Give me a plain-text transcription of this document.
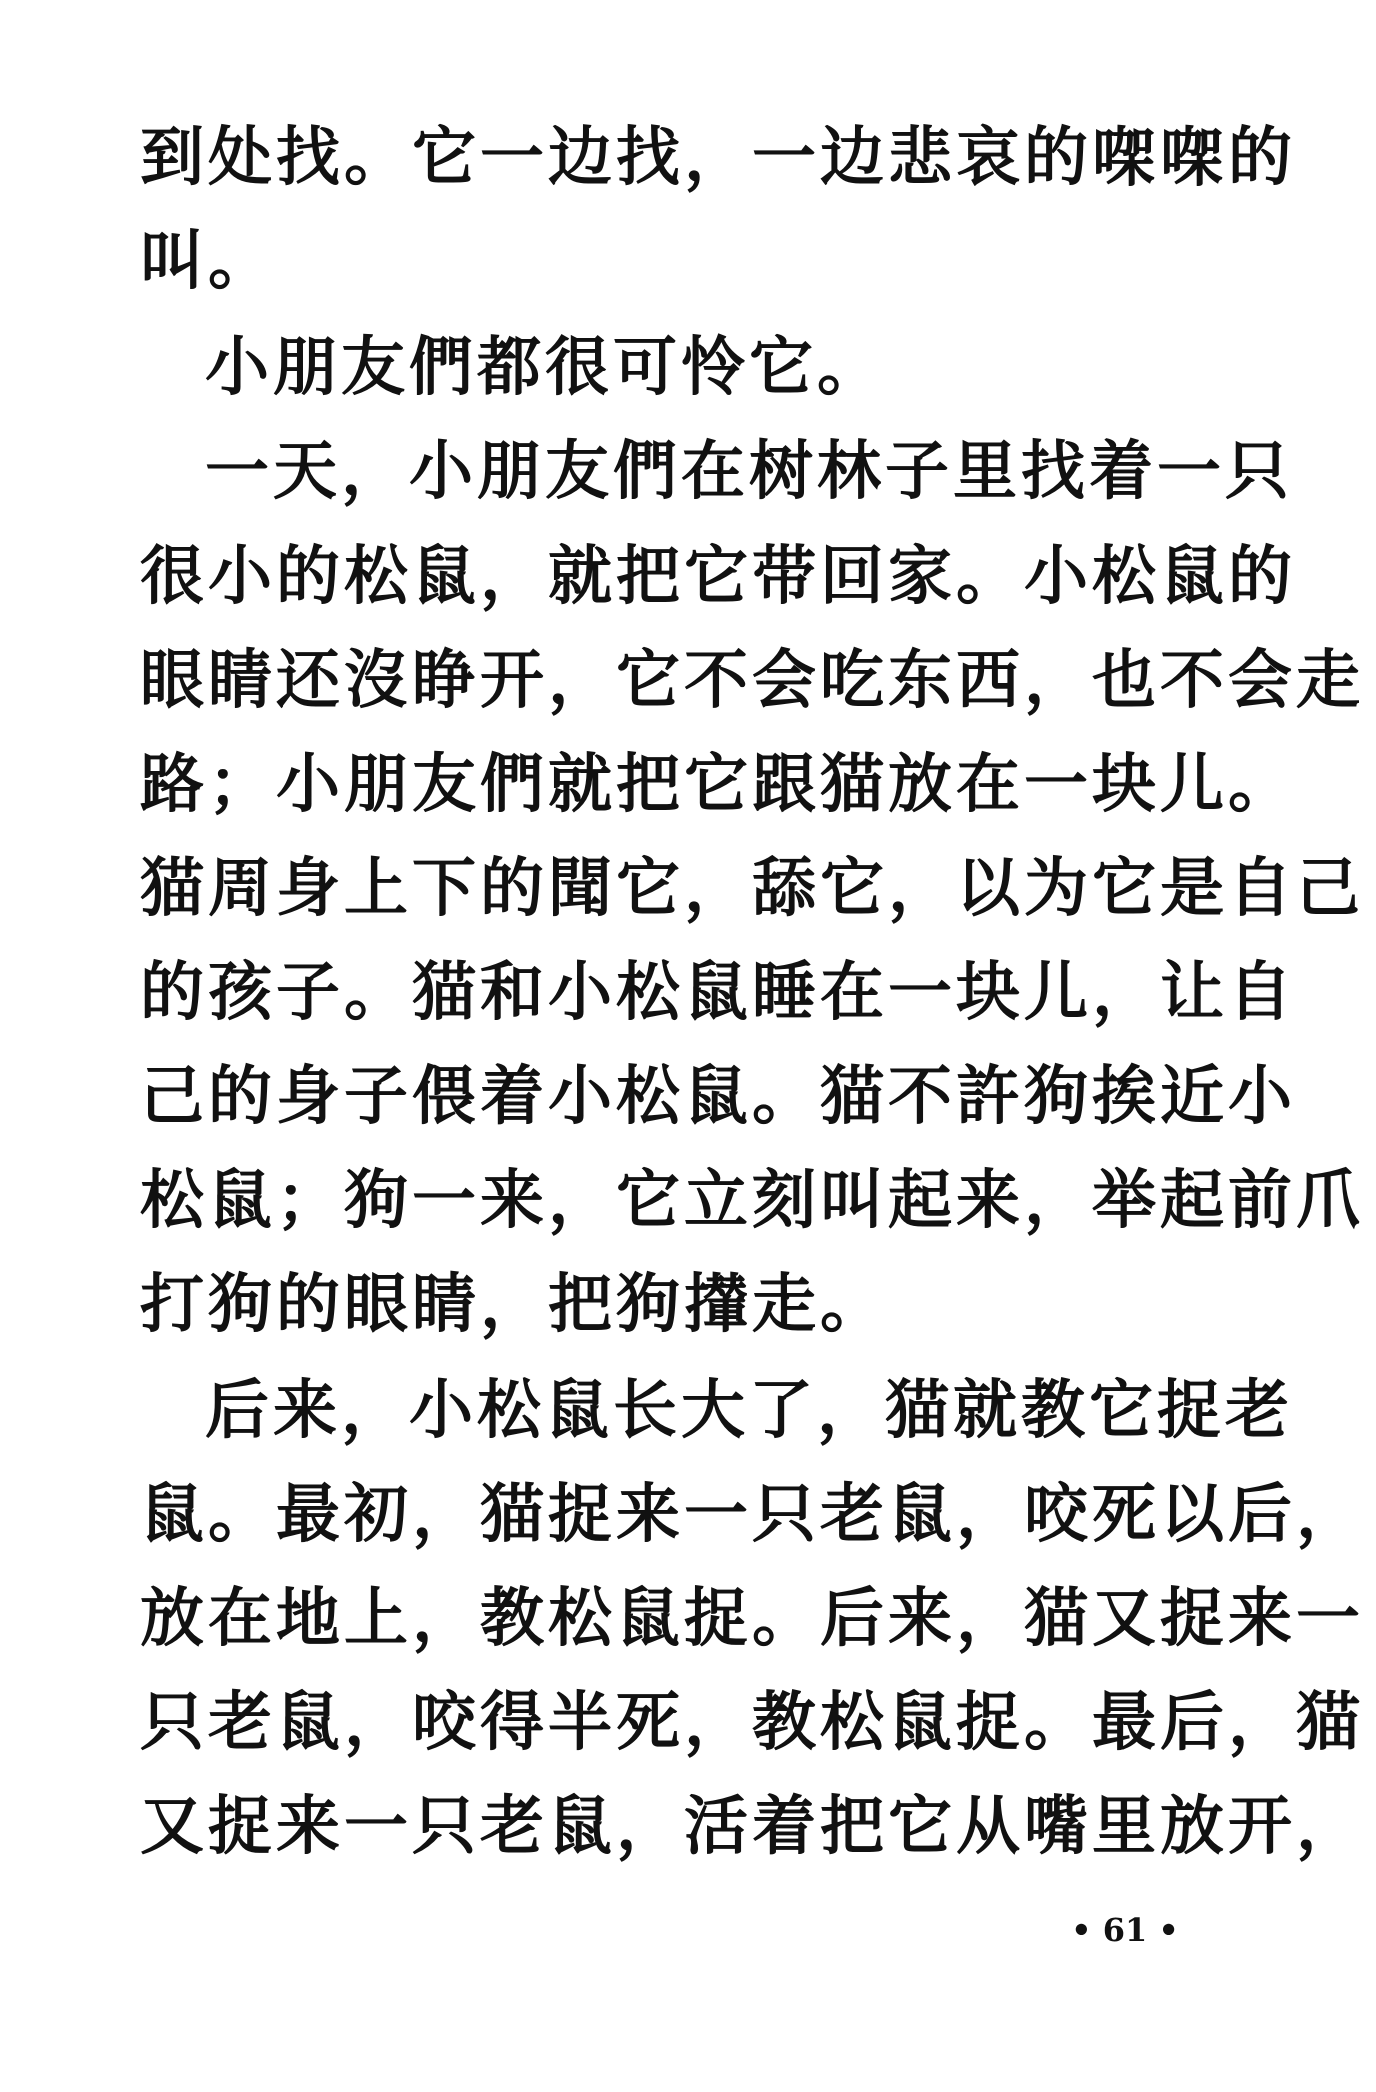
到处找。它一边找，一边悲哀的㗎㗎的
叫。
小朋友們都很可怜它。
一天，小朋友們在树林子里找着一只
很小的松鼠，就把它带回家。小松鼠的
眼睛还沒睁开，它不会吃东西，也不会走
路；小朋友們就把它跟猫放在一块儿。
猫周身上下的聞它，舔它，以为它是自己
的孩子。猫和小松鼠睡在一块儿，让自
己的身子偎着小松鼠。猫不許狗挨近小
松鼠；狗一来，它立刻叫起来，举起前爪
打狗的眼睛，把狗攆走。
后来，小松鼠长大了，猫就教它捉老
鼠。最初，猫捉来一只老鼠，咬死以后，
放在地上，教松鼠捉。后来，猫又捉来一
只老鼠，咬得半死，教松鼠捉。最后，猫
又捉来一只老鼠，活着把它从嘴里放开，
• 61 •
